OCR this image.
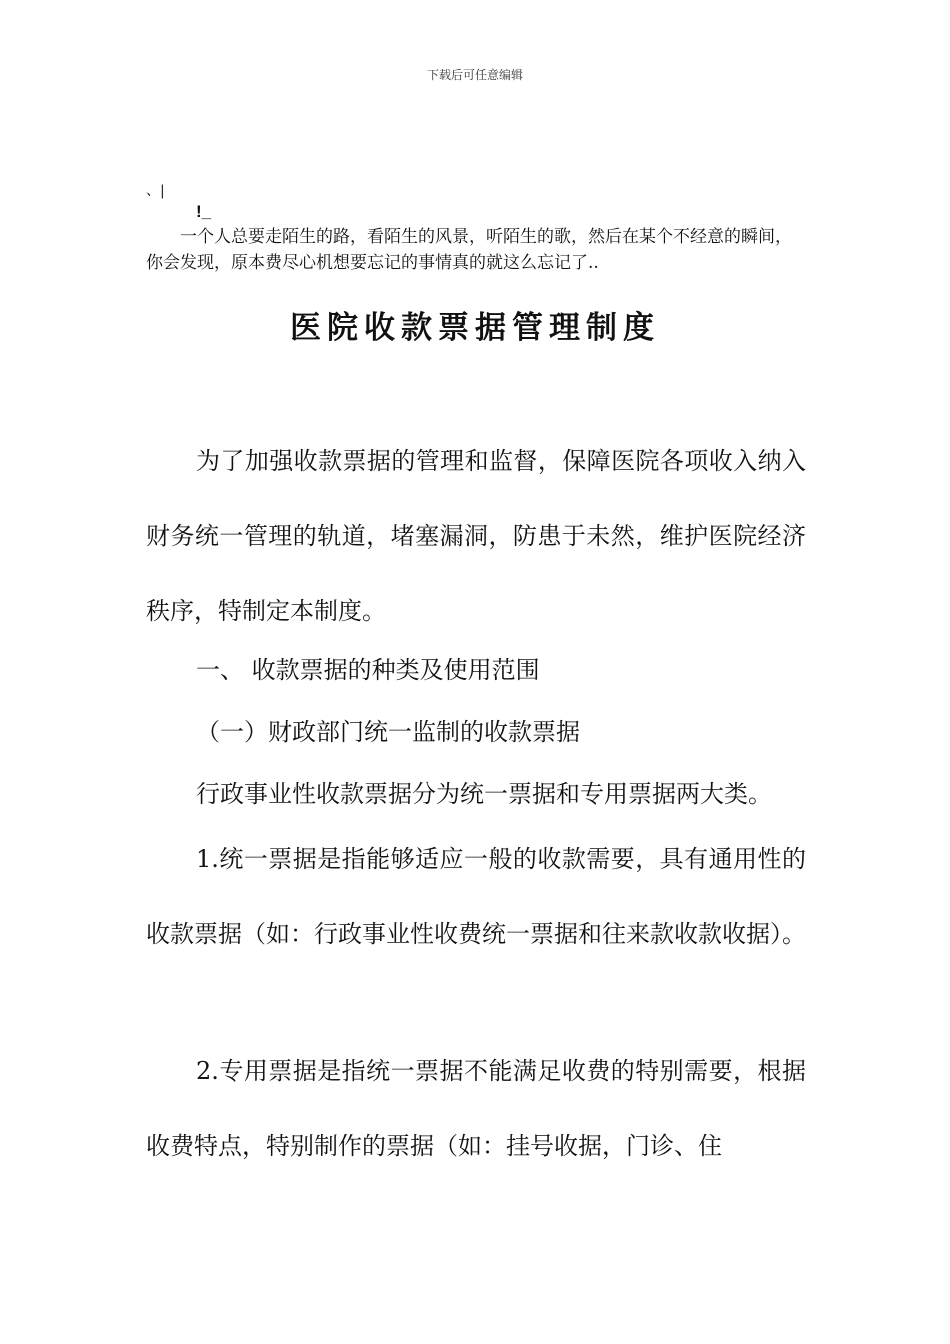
下载后可任意编辑
、|
!_
一个人总要走陌生的路，看陌生的风景，听陌生的歌，然后在某个不经意的瞬间，你会发现，原本费尽心机想要忘记的事情真的就这么忘记了..
医院收款票据管理制度

为了加强收款票据的管理和监督，保障医院各项收入纳入财务统一管理的轨道，堵塞漏洞，防患于未然，维护医院经济秩序，特制定本制度。

一、 收款票据的种类及使用范围

（一）财政部门统一监制的收款票据

行政事业性收款票据分为统一票据和专用票据两大类。

1.统一票据是指能够适应一般的收款需要，具有通用性的收款票据（如：行政事业性收费统一票据和往来款收款收据）。

2.专用票据是指统一票据不能满足收费的特别需要，根据收费特点，特别制作的票据（如：挂号收据，门诊、住
